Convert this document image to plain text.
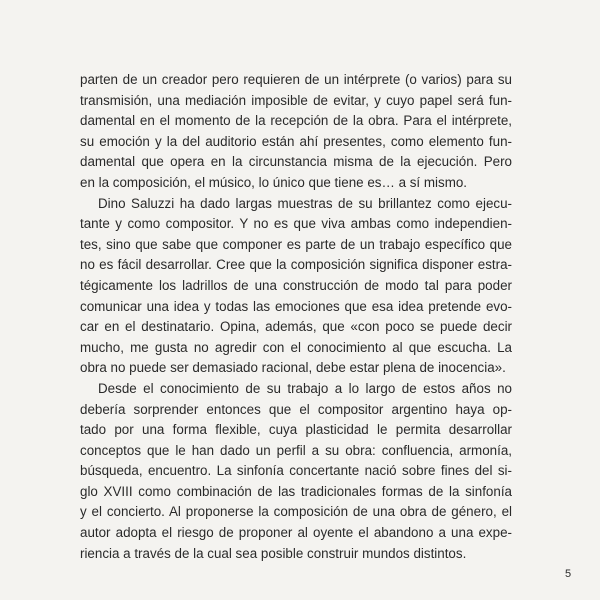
parten de un creador pero requieren de un intérprete (o varios) para su
transmisión, una mediación imposible de evitar, y cuyo papel será fun-
damental en el momento de la recepción de la obra. Para el intérprete,
su emoción y la del auditorio están ahí presentes, como elemento fun-
damental que opera en la circunstancia misma de la ejecución. Pero
en la composición, el músico, lo único que tiene es… a sí mismo.
Dino Saluzzi ha dado largas muestras de su brillantez como ejecu-
tante y como compositor. Y no es que viva ambas como independien-
tes, sino que sabe que componer es parte de un trabajo específico que
no es fácil desarrollar. Cree que la composición significa disponer estra-
tégicamente los ladrillos de una construcción de modo tal para poder
comunicar una idea y todas las emociones que esa idea pretende evo-
car en el destinatario. Opina, además, que «con poco se puede decir
mucho, me gusta no agredir con el conocimiento al que escucha. La
obra no puede ser demasiado racional, debe estar plena de inocencia».
Desde el conocimiento de su trabajo a lo largo de estos años no
debería sorprender entonces que el compositor argentino haya op-
tado por una forma flexible, cuya plasticidad le permita desarrollar
conceptos que le han dado un perfil a su obra: confluencia, armonía,
búsqueda, encuentro. La sinfonía concertante nació sobre fines del si-
glo XVIII como combinación de las tradicionales formas de la sinfonía
y el concierto. Al proponerse la composición de una obra de género, el
autor adopta el riesgo de proponer al oyente el abandono a una expe-
riencia a través de la cual sea posible construir mundos distintos.
5
